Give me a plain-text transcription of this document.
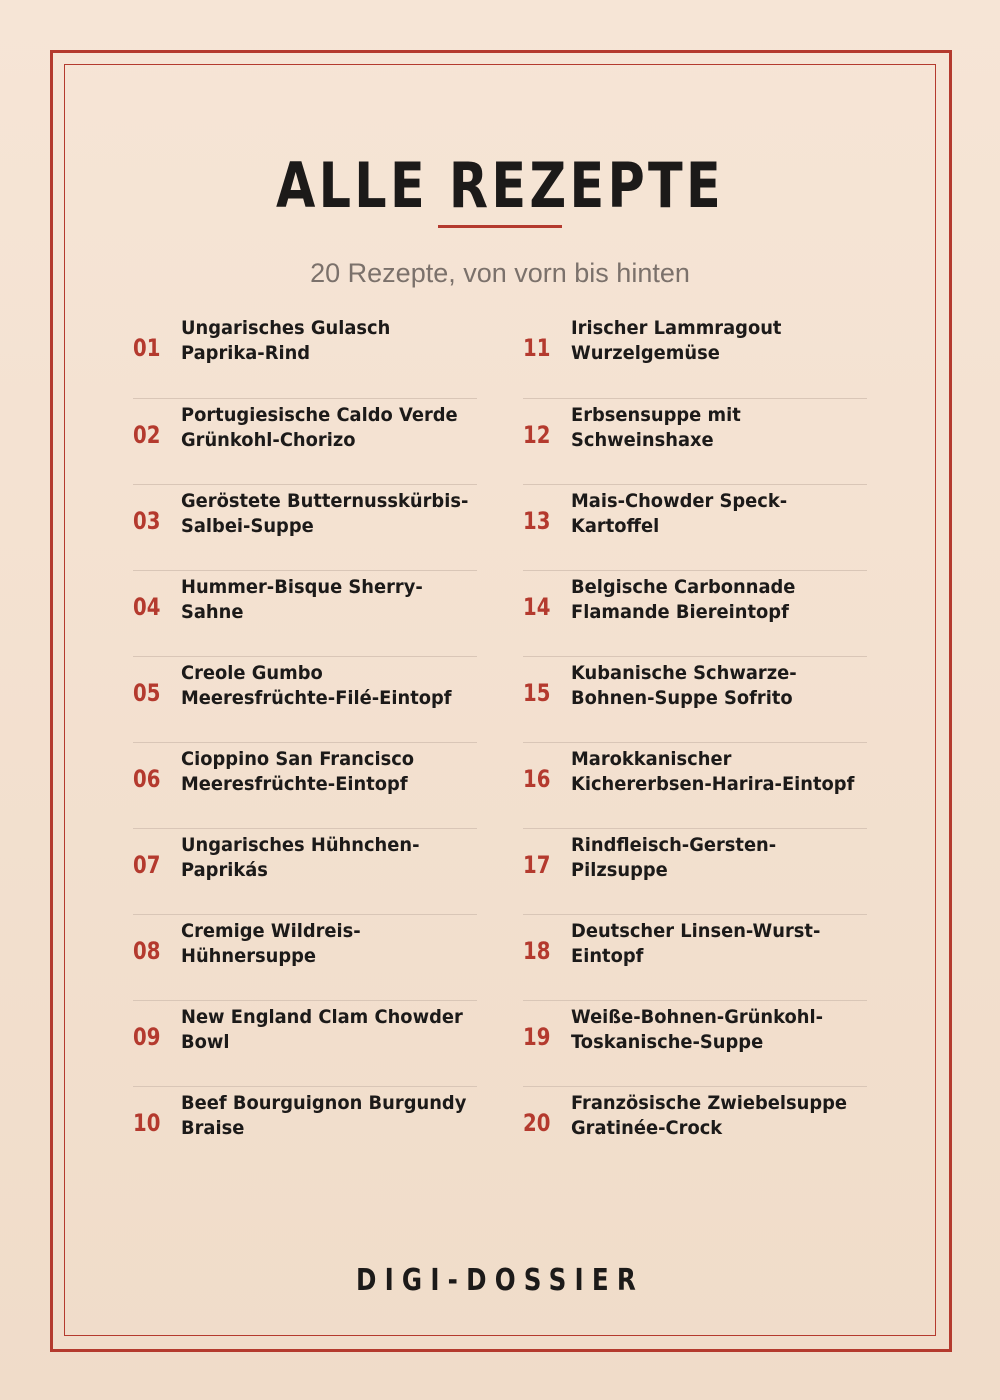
ALLE REZEPTE
20 Rezepte, von vorn bis hinten
01
Ungarisches Gulasch
Paprika-Rind
02
Portugiesische Caldo Verde
Grünkohl-Chorizo
03
Geröstete Butternusskürbis-
Salbei-Suppe
04
Hummer-Bisque Sherry-
Sahne
05
Creole Gumbo
Meeresfrüchte-Filé-Eintopf
06
Cioppino San Francisco
Meeresfrüchte-Eintopf
07
Ungarisches Hühnchen-
Paprikás
08
Cremige Wildreis-
Hühnersuppe
09
New England Clam Chowder
Bowl
10
Beef Bourguignon Burgundy
Braise
11
Irischer Lammragout
Wurzelgemüse
12
Erbsensuppe mit
Schweinshaxe
13
Mais-Chowder Speck-
Kartoffel
14
Belgische Carbonnade
Flamande Biereintopf
15
Kubanische Schwarze-
Bohnen-Suppe Sofrito
16
Marokkanischer
Kichererbsen-Harira-Eintopf
17
Rindfleisch-Gersten-
Pilzsuppe
18
Deutscher Linsen-Wurst-
Eintopf
19
Weiße-Bohnen-Grünkohl-
Toskanische-Suppe
20
Französische Zwiebelsuppe
Gratinée-Crock
DIGI-DOSSIER
